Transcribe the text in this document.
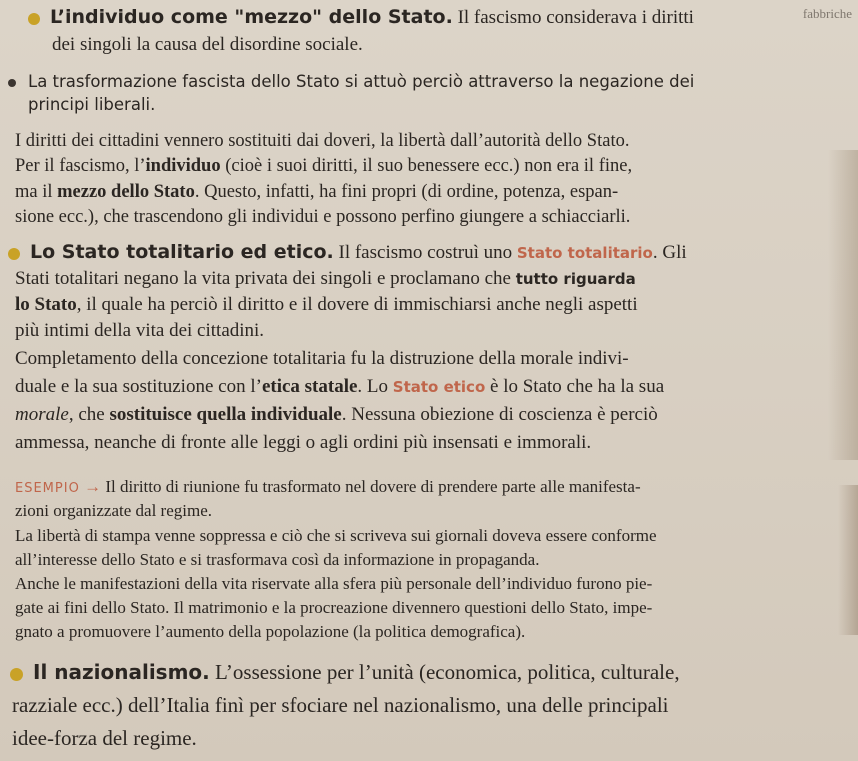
fabbriche
L’individuo come "mezzo" dello Stato. Il fascismo considerava i diritti
dei singoli la causa del disordine sociale.
La trasformazione fascista dello Stato si attuò perciò attraverso la negazione dei
principi liberali.
I diritti dei cittadini vennero sostituiti dai doveri, la libertà dall’autorità dello Stato.
Per il fascismo, l’individuo (cioè i suoi diritti, il suo benessere ecc.) non era il fine,
ma il mezzo dello Stato. Questo, infatti, ha fini propri (di ordine, potenza, espan-
sione ecc.), che trascendono gli individui e possono perfino giungere a schiacciarli.
Lo Stato totalitario ed etico. Il fascismo costruì uno Stato totalitario. Gli
Stati totalitari negano la vita privata dei singoli e proclamano che tutto riguarda
lo Stato, il quale ha perciò il diritto e il dovere di immischiarsi anche negli aspetti
più intimi della vita dei cittadini.
Completamento della concezione totalitaria fu la distruzione della morale indivi-
duale e la sua sostituzione con l’etica statale. Lo Stato etico è lo Stato che ha la sua
morale, che sostituisce quella individuale. Nessuna obiezione di coscienza è perciò
ammessa, neanche di fronte alle leggi o agli ordini più insensati e immorali.
ESEMPIO → Il diritto di riunione fu trasformato nel dovere di prendere parte alle manifesta-
zioni organizzate dal regime.
La libertà di stampa venne soppressa e ciò che si scriveva sui giornali doveva essere conforme
all’interesse dello Stato e si trasformava così da informazione in propaganda.
Anche le manifestazioni della vita riservate alla sfera più personale dell’individuo furono pie-
gate ai fini dello Stato. Il matrimonio e la procreazione divennero questioni dello Stato, impe-
gnato a promuovere l’aumento della popolazione (la politica demografica).
Il nazionalismo. L’ossessione per l’unità (economica, politica, culturale,
razziale ecc.) dell’Italia finì per sfociare nel nazionalismo, una delle principali
idee-forza del regime.
